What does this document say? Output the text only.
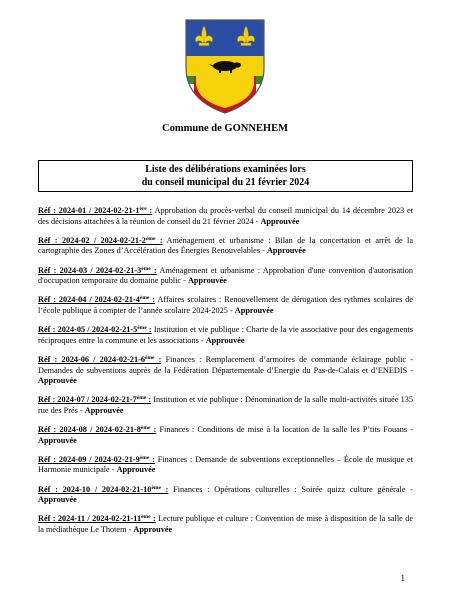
Commune de GONNEHEM
Liste des délibérations examinées lors
du conseil municipal du 21 février 2024
Réf : 2024-01 / 2024-02-21-1ère : Approbation du procès-verbal du conseil municipal du 14 décembre 2023 et des décisions attachées à la réunion de conseil du 21 février 2024 - Approuvée
Réf : 2024-02 / 2024-02-21-2ème : Aménagement et urbanisme : Bilan de la concertation et arrêt de la cartographie des Zones d’Accélération des Énergies Renouvelables - Approuvée
Réf : 2024-03 / 2024-02-21-3ème : Aménagement et urbanisme : Approbation d'une convention d'autorisation d'occupation temporaire du domaine public - Approuvée
Réf : 2024-04 / 2024-02-21-4ème : Affaires scolaires : Renouvellement de dérogation des rythmes scolaires de l’école publique à compter de l’année scolaire 2024-2025 - Approuvée
Réf : 2024-05 / 2024-02-21-5ème : Institution et vie publique : Charte de la vie associative pour des engagements réciproques entre la commune et les associations - Approuvée
Réf : 2024-06 / 2024-02-21-6ème : Finances : Remplacement d’armoires de commande éclairage public - Demandes de subventions auprès de la Fédération Départementale d’Energie du Pas-de-Calais et d’ENEDIS - Approuvée
Réf : 2024-07 / 2024-02-21-7ème : Institution et vie publique : Dénomination de la salle multi-activités située 135 rue des Prés - Approuvée
Réf : 2024-08 / 2024-02-21-8ème : Finances : Conditions de mise à la location de la salle les P’tits Fouans - Approuvée
Réf : 2024-09 / 2024-02-21-9ème : Finances : Demande de subventions exceptionnelles – École de musique et Harmonie municipale - Approuvée
Réf : 2024-10 / 2024-02-21-10ème : Finances : Opérations culturelles : Soirée quizz culture générale - Approuvée
Réf : 2024-11 / 2024-02-21-11ème : Lecture publique et culture : Convention de mise à disposition de la salle de la médiathèque Le Thotem - Approuvée
1
